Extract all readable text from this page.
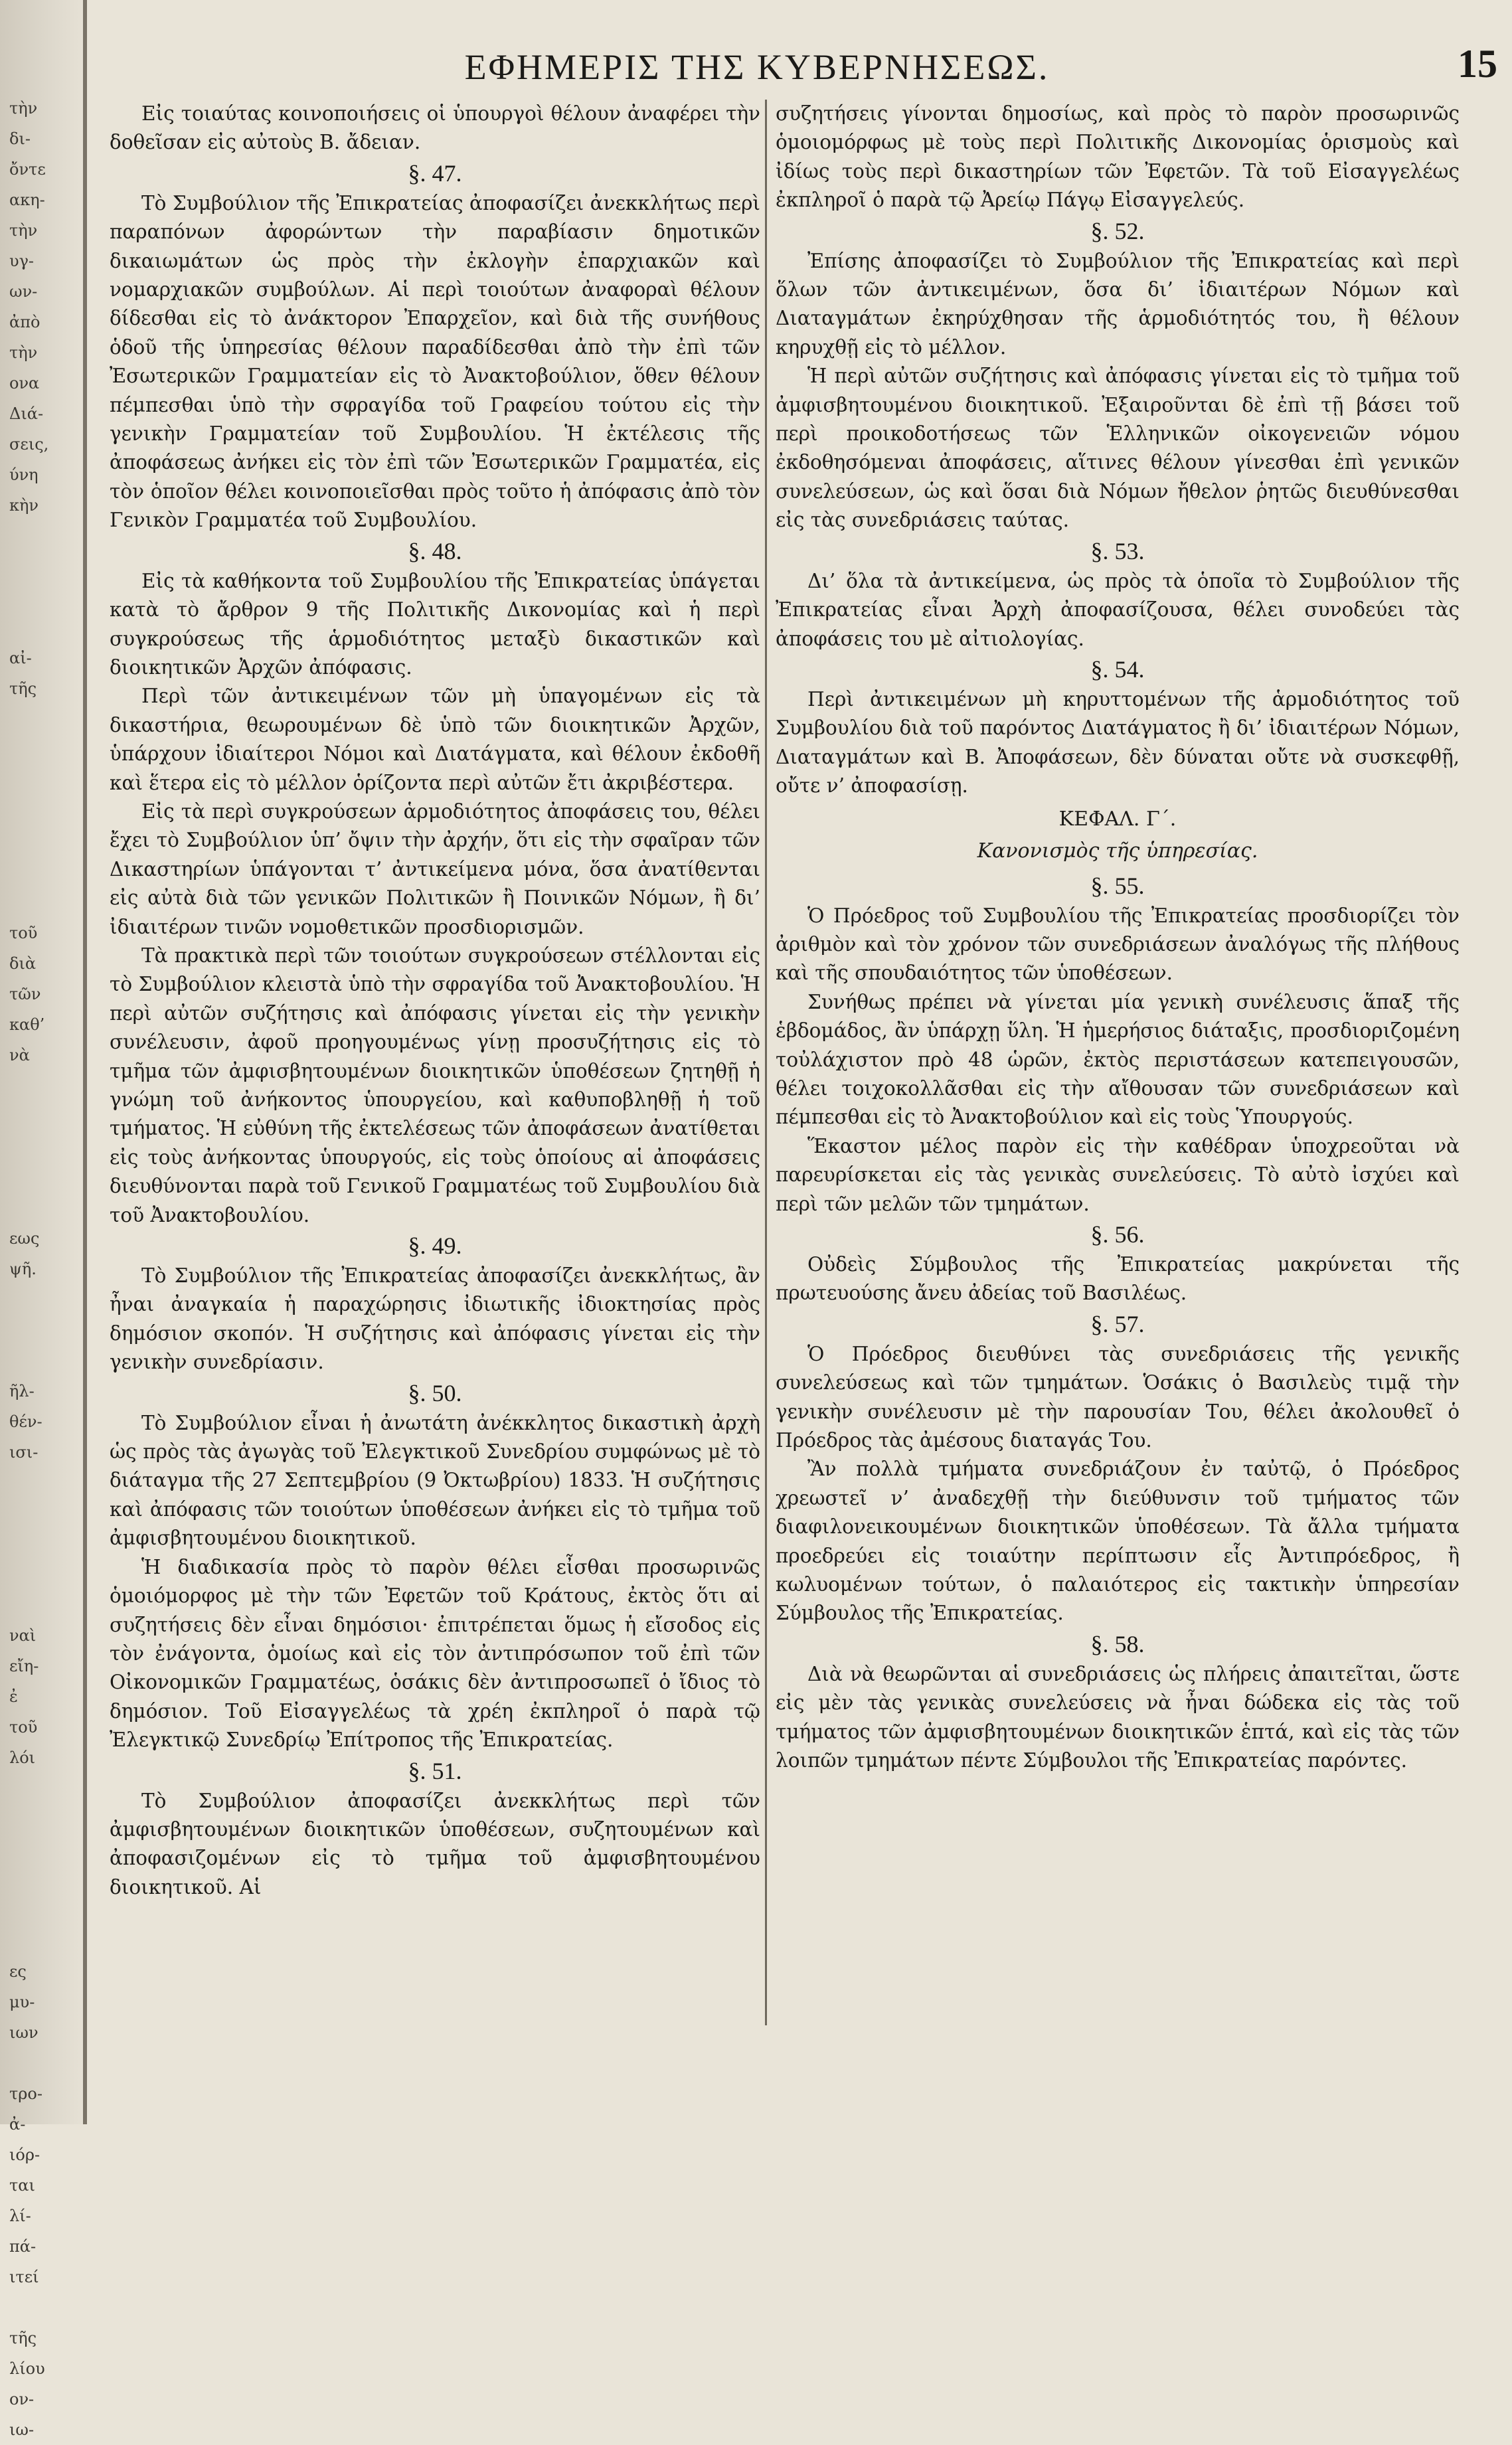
τὴν
δι-
ὄντε
ακη-
τὴν
υγ-
ων-
ἀπὸ
τὴν
ονα
Διά-
σεις,
ύνη
κὴν
αἰ-
τῆς
τοῦ
διὰ
τῶν
καθ’
νὰ
εως
ψῆ.
ῆλ-
θέν-
ισι-
ναὶ
εἴη-
ἐ
τοῦ
λόι
ες
μυ-
ιων
τρο-
ἀ-
ιόρ-
ται
λί-
πά-
ιτεί
τῆς
λίου
ον-
ιω-
ΕΦΗΜΕΡΙΣ ΤΗΣ ΚΥΒΕΡΝΗΣΕΩΣ.	15

Εἰς τοιαύτας κοινοποιήσεις οἱ ὑπουργοὶ θέλουν ἀναφέρει τὴν δοθεῖσαν εἰς αὐτοὺς Β. ἄδειαν.

§. 47.

Τὸ Συμβούλιον τῆς Ἐπικρατείας ἀποφασίζει ἀνεκκλήτως περὶ παραπόνων ἀφορώντων τὴν παραβίασιν δημοτικῶν δικαιωμάτων ὡς πρὸς τὴν ἐκλογὴν ἐπαρχιακῶν καὶ νομαρχιακῶν συμβούλων. Αἱ περὶ τοιούτων ἀναφοραὶ θέλουν δίδεσθαι εἰς τὸ ἀνάκτορον Ἐπαρχεῖον, καὶ διὰ τῆς συνήθους ὁδοῦ τῆς ὑπηρεσίας θέλουν παραδίδεσθαι ἀπὸ τὴν ἐπὶ τῶν Ἐσωτερικῶν Γραμματείαν εἰς τὸ Ἀνακτοβούλιον, ὅθεν θέλουν πέμπεσθαι ὑπὸ τὴν σφραγίδα τοῦ Γραφείου τούτου εἰς τὴν γενικὴν Γραμματείαν τοῦ Συμβουλίου. Ἡ ἐκτέλεσις τῆς ἀποφάσεως ἀνήκει εἰς τὸν ἐπὶ τῶν Ἐσωτερικῶν Γραμματέα, εἰς τὸν ὁποῖον θέλει κοινοποιεῖσθαι πρὸς τοῦτο ἡ ἀπόφασις ἀπὸ τὸν Γενικὸν Γραμματέα τοῦ Συμβουλίου.

§. 48.

Εἰς τὰ καθήκοντα τοῦ Συμβουλίου τῆς Ἐπικρατείας ὑπάγεται κατὰ τὸ ἄρθρον 9 τῆς Πολιτικῆς Δικονομίας καὶ ἡ περὶ συγκρούσεως τῆς ἁρμοδιότητος μεταξὺ δικαστικῶν καὶ διοικητικῶν Ἀρχῶν ἀπόφασις.

Περὶ τῶν ἀντικειμένων τῶν μὴ ὑπαγομένων εἰς τὰ δικαστήρια, θεωρουμένων δὲ ὑπὸ τῶν διοικητικῶν Ἀρχῶν, ὑπάρχουν ἰδιαίτεροι Νόμοι καὶ Διατάγματα, καὶ θέλουν ἐκδοθῆ καὶ ἕτερα εἰς τὸ μέλλον ὁρίζοντα περὶ αὐτῶν ἔτι ἀκριβέστερα.

Εἰς τὰ περὶ συγκρούσεων ἁρμοδιότητος ἀποφάσεις του, θέλει ἔχει τὸ Συμβούλιον ὑπ’ ὄψιν τὴν ἀρχήν, ὅτι εἰς τὴν σφαῖραν τῶν Δικαστηρίων ὑπάγονται τ’ ἀντικείμενα μόνα, ὅσα ἀνατίθενται εἰς αὐτὰ διὰ τῶν γενικῶν Πολιτικῶν ἢ Ποινικῶν Νόμων, ἢ δι’ ἰδιαιτέρων τινῶν νομοθετικῶν προσδιορισμῶν.

Τὰ πρακτικὰ περὶ τῶν τοιούτων συγκρούσεων στέλλονται εἰς τὸ Συμβούλιον κλειστὰ ὑπὸ τὴν σφραγίδα τοῦ Ἀνακτοβουλίου. Ἡ περὶ αὐτῶν συζήτησις καὶ ἀπόφασις γίνεται εἰς τὴν γενικὴν συνέλευσιν, ἀφοῦ προηγουμένως γίνῃ προσυζήτησις εἰς τὸ τμῆμα τῶν ἀμφισβητουμένων διοικητικῶν ὑποθέσεων ζητηθῇ ἡ γνώμη τοῦ ἀνήκοντος ὑπουργείου, καὶ καθυποβληθῇ ἡ τοῦ τμήματος. Ἡ εὐθύνη τῆς ἐκτελέσεως τῶν ἀποφάσεων ἀνατίθεται εἰς τοὺς ἀνήκοντας ὑπουργούς, εἰς τοὺς ὁποίους αἱ ἀποφάσεις διευθύνονται παρὰ τοῦ Γενικοῦ Γραμματέως τοῦ Συμβουλίου διὰ τοῦ Ἀνακτοβουλίου.

§. 49.

Τὸ Συμβούλιον τῆς Ἐπικρατείας ἀποφασίζει ἀνεκκλήτως, ἂν ἦναι ἀναγκαία ἡ παραχώρησις ἰδιωτικῆς ἰδιοκτησίας πρὸς δημόσιον σκοπόν. Ἡ συζήτησις καὶ ἀπόφασις γίνεται εἰς τὴν γενικὴν συνεδρίασιν.

§. 50.

Τὸ Συμβούλιον εἶναι ἡ ἀνωτάτη ἀνέκκλητος δικαστικὴ ἀρχὴ ὡς πρὸς τὰς ἀγωγὰς τοῦ Ἐλεγκτικοῦ Συνεδρίου συμφώνως μὲ τὸ διάταγμα τῆς 27 Σεπτεμβρίου (9 Ὀκτωβρίου) 1833. Ἡ συζήτησις καὶ ἀπόφασις τῶν τοιούτων ὑποθέσεων ἀνήκει εἰς τὸ τμῆμα τοῦ ἀμφισβητουμένου διοικητικοῦ.

Ἡ διαδικασία πρὸς τὸ παρὸν θέλει εἶσθαι προσωρινῶς ὁμοιόμορφος μὲ τὴν τῶν Ἐφετῶν τοῦ Κράτους, ἐκτὸς ὅτι αἱ συζητήσεις δὲν εἶναι δημόσιοι· ἐπιτρέπεται ὅμως ἡ εἴσοδος εἰς τὸν ἐνάγοντα, ὁμοίως καὶ εἰς τὸν ἀντιπρόσωπον τοῦ ἐπὶ τῶν Οἰκονομικῶν Γραμματέως, ὁσάκις δὲν ἀντιπροσωπεῖ ὁ ἴδιος τὸ δημόσιον. Τοῦ Εἰσαγγελέως τὰ χρέη ἐκπληροῖ ὁ παρὰ τῷ Ἐλεγκτικῷ Συνεδρίῳ Ἐπίτροπος τῆς Ἐπικρατείας.

§. 51.

Τὸ Συμβούλιον ἀποφασίζει ἀνεκκλήτως περὶ τῶν ἀμφισβητουμένων διοικητικῶν ὑποθέσεων, συζητουμένων καὶ ἀποφασιζομένων εἰς τὸ τμῆμα τοῦ ἀμφισβητουμένου διοικητικοῦ. Αἱ

συζητήσεις γίνονται δημοσίως, καὶ πρὸς τὸ παρὸν προσωρινῶς ὁμοιομόρφως μὲ τοὺς περὶ Πολιτικῆς Δικονομίας ὁρισμοὺς καὶ ἰδίως τοὺς περὶ δικαστηρίων τῶν Ἐφετῶν. Τὰ τοῦ Εἰσαγγελέως ἐκπληροῖ ὁ παρὰ τῷ Ἀρείῳ Πάγῳ Εἰσαγγελεύς.

§. 52.

Ἐπίσης ἀποφασίζει τὸ Συμβούλιον τῆς Ἐπικρατείας καὶ περὶ ὅλων τῶν ἀντικειμένων, ὅσα δι’ ἰδιαιτέρων Νόμων καὶ Διαταγμάτων ἐκηρύχθησαν τῆς ἁρμοδιότητός του, ἢ θέλουν κηρυχθῇ εἰς τὸ μέλλον.

Ἡ περὶ αὐτῶν συζήτησις καὶ ἀπόφασις γίνεται εἰς τὸ τμῆμα τοῦ ἀμφισβητουμένου διοικητικοῦ. Ἐξαιροῦνται δὲ ἐπὶ τῇ βάσει τοῦ περὶ προικοδοτήσεως τῶν Ἑλληνικῶν οἰκογενειῶν νόμου ἐκδοθησόμεναι ἀποφάσεις, αἵτινες θέλουν γίνεσθαι ἐπὶ γενικῶν συνελεύσεων, ὡς καὶ ὅσαι διὰ Νόμων ἤθελον ῥητῶς διευθύνεσθαι εἰς τὰς συνεδριάσεις ταύτας.

§. 53.

Δι’ ὅλα τὰ ἀντικείμενα, ὡς πρὸς τὰ ὁποῖα τὸ Συμβούλιον τῆς Ἐπικρατείας εἶναι Ἀρχὴ ἀποφασίζουσα, θέλει συνοδεύει τὰς ἀποφάσεις του μὲ αἰτιολογίας.

§. 54.

Περὶ ἀντικειμένων μὴ κηρυττομένων τῆς ἁρμοδιότητος τοῦ Συμβουλίου διὰ τοῦ παρόντος Διατάγματος ἢ δι’ ἰδιαιτέρων Νόμων, Διαταγμάτων καὶ Β. Ἀποφάσεων, δὲν δύναται οὔτε νὰ συσκεφθῇ, οὔτε ν’ ἀποφασίσῃ.

ΚΕΦΑΛ. Γ΄.
Κανονισμὸς τῆς ὑπηρεσίας.
§. 55.

Ὁ Πρόεδρος τοῦ Συμβουλίου τῆς Ἐπικρατείας προσδιορίζει τὸν ἀριθμὸν καὶ τὸν χρόνον τῶν συνεδριάσεων ἀναλόγως τῆς πλήθους καὶ τῆς σπουδαιότητος τῶν ὑποθέσεων.

Συνήθως πρέπει νὰ γίνεται μία γενικὴ συνέλευσις ἅπαξ τῆς ἑβδομάδος, ἂν ὑπάρχῃ ὕλη. Ἡ ἡμερήσιος διάταξις, προσδιοριζομένη τοὐλάχιστον πρὸ 48 ὡρῶν, ἐκτὸς περιστάσεων κατεπειγουσῶν, θέλει τοιχοκολλᾶσθαι εἰς τὴν αἴθουσαν τῶν συνεδριάσεων καὶ πέμπεσθαι εἰς τὸ Ἀνακτοβούλιον καὶ εἰς τοὺς Ὑπουργούς.

Ἕκαστον μέλος παρὸν εἰς τὴν καθέδραν ὑποχρεοῦται νὰ παρευρίσκεται εἰς τὰς γενικὰς συνελεύσεις. Τὸ αὐτὸ ἰσχύει καὶ περὶ τῶν μελῶν τῶν τμημάτων.

§. 56.

Οὐδεὶς Σύμβουλος τῆς Ἐπικρατείας μακρύνεται τῆς πρωτευούσης ἄνευ ἀδείας τοῦ Βασιλέως.

§. 57.

Ὁ Πρόεδρος διευθύνει τὰς συνεδριάσεις τῆς γενικῆς συνελεύσεως καὶ τῶν τμημάτων. Ὁσάκις ὁ Βασιλεὺς τιμᾷ τὴν γενικὴν συνέλευσιν μὲ τὴν παρουσίαν Του, θέλει ἀκολουθεῖ ὁ Πρόεδρος τὰς ἀμέσους διαταγάς Του.

Ἂν πολλὰ τμήματα συνεδριάζουν ἐν ταὐτῷ, ὁ Πρόεδρος χρεωστεῖ ν’ ἀναδεχθῇ τὴν διεύθυνσιν τοῦ τμήματος τῶν διαφιλονεικουμένων διοικητικῶν ὑποθέσεων. Τὰ ἄλλα τμήματα προεδρεύει εἰς τοιαύτην περίπτωσιν εἷς Ἀντιπρόεδρος, ἢ κωλυομένων τούτων, ὁ παλαιότερος εἰς τακτικὴν ὑπηρεσίαν Σύμβουλος τῆς Ἐπικρατείας.

§. 58.

Διὰ νὰ θεωρῶνται αἱ συνεδριάσεις ὡς πλήρεις ἀπαιτεῖται, ὥστε εἰς μὲν τὰς γενικὰς συνελεύσεις νὰ ἦναι δώδεκα εἰς τὰς τοῦ τμήματος τῶν ἀμφισβητουμένων διοικητικῶν ἑπτά, καὶ εἰς τὰς τῶν λοιπῶν τμημάτων πέντε Σύμβουλοι τῆς Ἐπικρατείας παρόντες.
